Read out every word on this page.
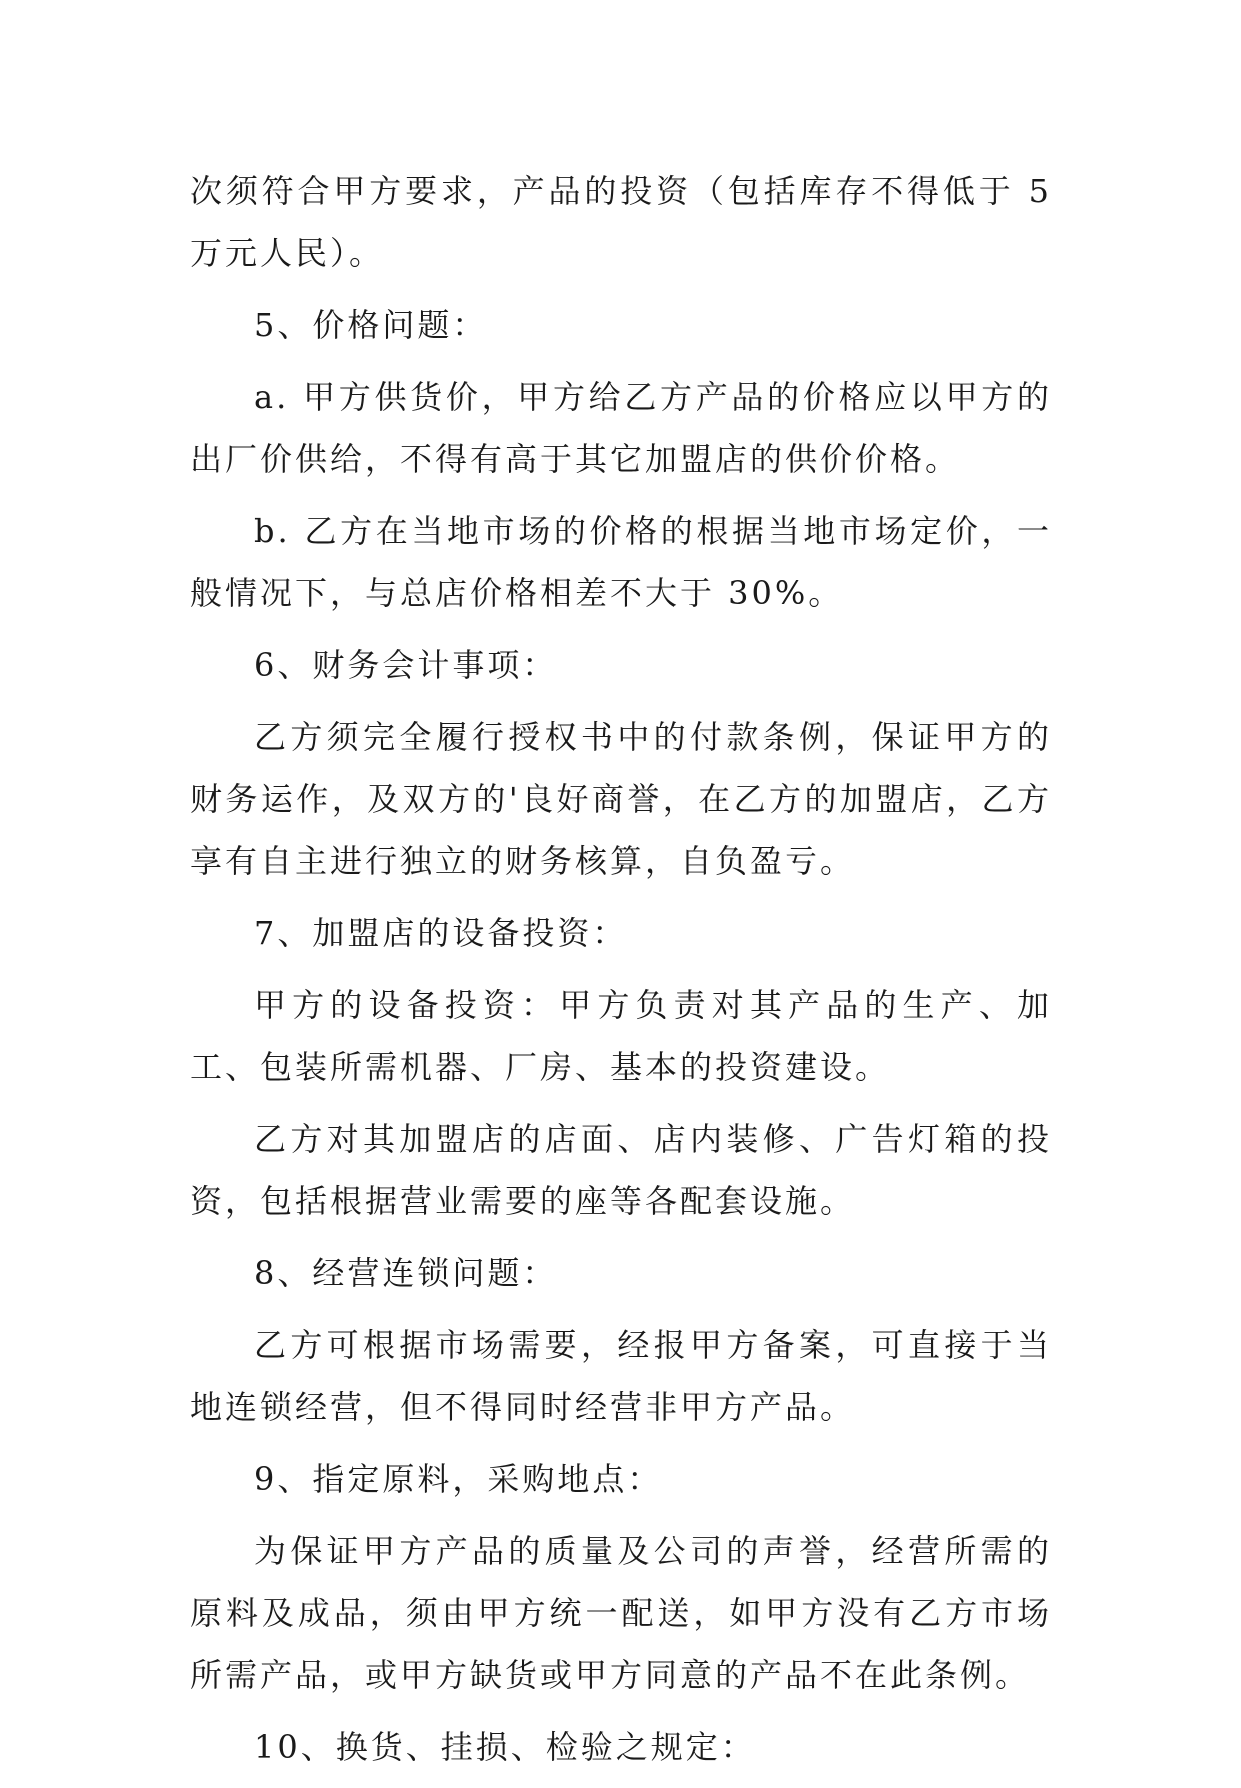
次须符合甲方要求，产品的投资（包括库存不得低于 5 万元人民）。

5、价格问题：

a. 甲方供货价，甲方给乙方产品的价格应以甲方的出厂价供给，不得有高于其它加盟店的供价价格。

b. 乙方在当地市场的价格的根据当地市场定价，一般情况下，与总店价格相差不大于 30%。

6、财务会计事项：

乙方须完全履行授权书中的付款条例，保证甲方的财务运作，及双方的'良好商誉，在乙方的加盟店，乙方享有自主进行独立的财务核算，自负盈亏。

7、加盟店的设备投资：

甲方的设备投资：甲方负责对其产品的生产、加工、包装所需机器、厂房、基本的投资建设。

乙方对其加盟店的店面、店内装修、广告灯箱的投资，包括根据营业需要的座等各配套设施。

8、经营连锁问题：

乙方可根据市场需要，经报甲方备案，可直接于当地连锁经营，但不得同时经营非甲方产品。

9、指定原料，采购地点：

为保证甲方产品的质量及公司的声誉，经营所需的原料及成品，须由甲方统一配送，如甲方没有乙方市场所需产品，或甲方缺货或甲方同意的产品不在此条例。

10、换货、挂损、检验之规定：
